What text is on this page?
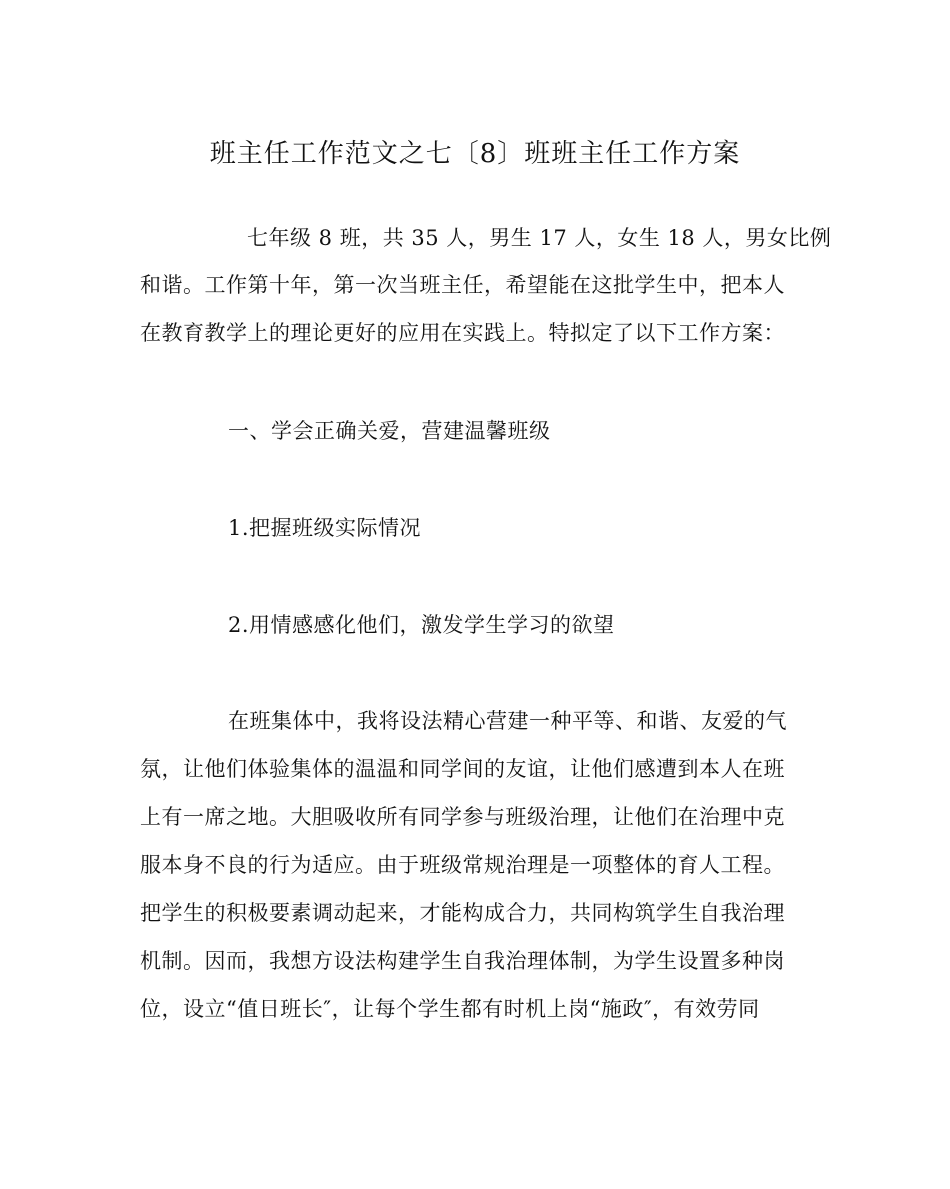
班主任工作范文之七〔8〕班班主任工作方案
七年级 8 班，共 35 人，男生 17 人，女生 18 人，男女比例
和谐。工作第十年，第一次当班主任，希望能在这批学生中，把本人
在教育教学上的理论更好的应用在实践上。特拟定了以下工作方案：
一、学会正确关爱，营建温馨班级
1.把握班级实际情况
2.用情感感化他们，激发学生学习的欲望
在班集体中，我将设法精心营建一种平等、和谐、友爱的气
氛，让他们体验集体的温温和同学间的友谊，让他们感遭到本人在班
上有一席之地。大胆吸收所有同学参与班级治理，让他们在治理中克
服本身不良的行为适应。由于班级常规治理是一项整体的育人工程。
把学生的积极要素调动起来，才能构成合力，共同构筑学生自我治理
机制。因而，我想方设法构建学生自我治理体制，为学生设置多种岗
位，设立“值日班长″，让每个学生都有时机上岗“施政″，有效劳同
